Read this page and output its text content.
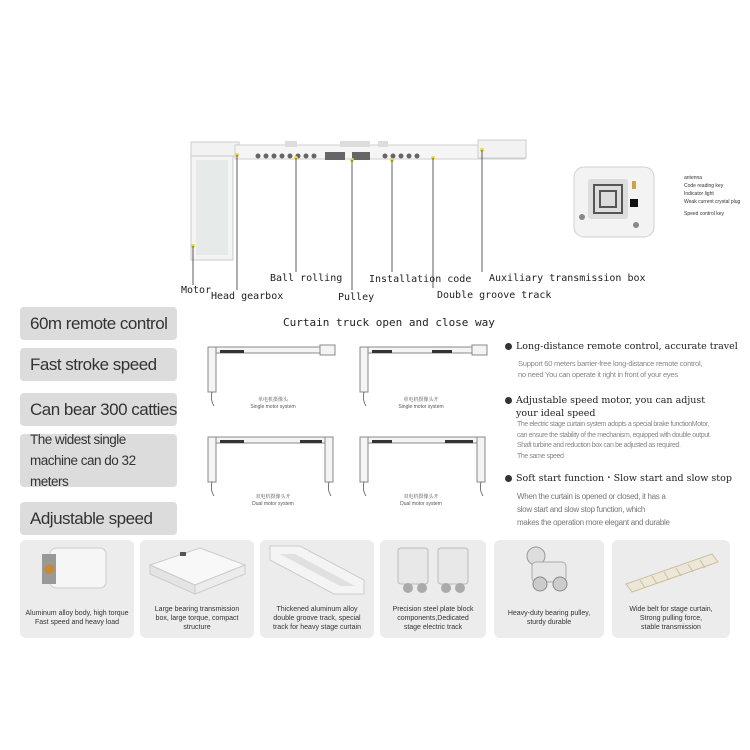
Motor
Head gearbox
Ball rolling
Pulley
Installation code
Double groove track
Auxiliary transmission box
antenna
Code reading key
Indicator light
Weak current crystal plug
Speed control key
60m remote control
Fast stroke speed
Can bear 300 catties
The widest single
machine can do 32 meters
Adjustable speed
Curtain truck open and close way
单电机摄像头
Single motor system
单电机摄像头开
Single motor system
双电机摄像头开
Dual motor system
双电机摄像头开
Dual motor system
Long-distance remote control, accurate travel
Support 60 meters barrier-free long-distance remote control,
no need You can operate it right in front of your eyes
Adjustable speed motor, you can adjust
your ideal speed
The electric stage curtain system adopts a special brake functionMotor,
can ensure the stability of the mechanism, equipped with double output
Shaft turbine and reduction box can be adjusted as required.
The same speed
Soft start function・Slow start and slow stop
When the curtain is opened or closed, it has a
slow start and slow stop function, which
makes the operation more elegant and durable
Aluminum alloy body, high torque
Fast speed and heavy load
Large bearing transmission
box, large torque, compact
structure
Thickened aluminum alloy
double groove track, special
track for heavy stage curtain
Precision steel plate block
components,Dedicated
stage electric track
Heavy-duty bearing pulley,
sturdy durable
Wide belt for stage curtain,
Strong pulling force,
stable transmission
